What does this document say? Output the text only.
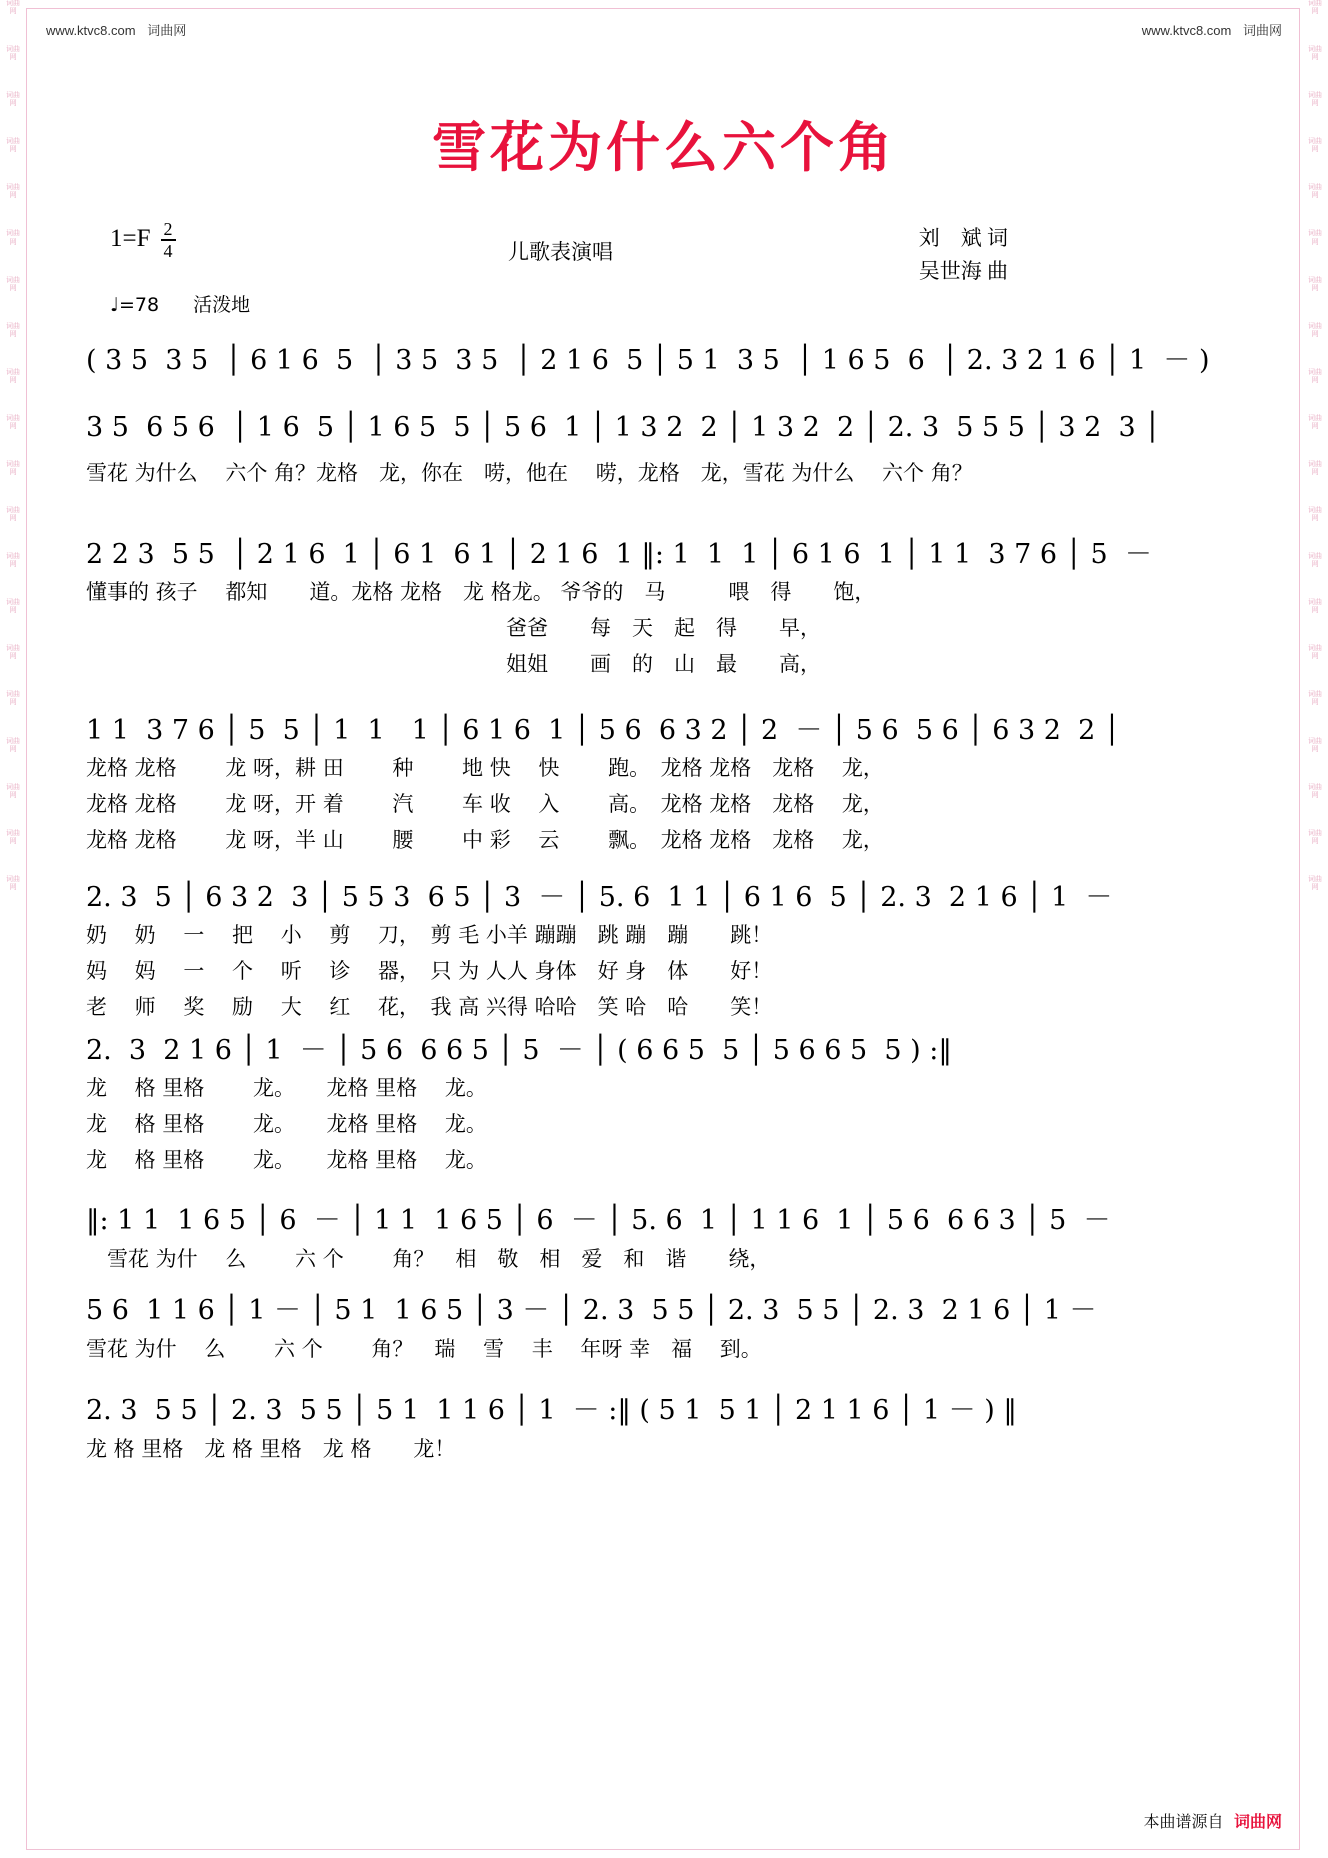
词曲
网
词曲
网
词曲
网
词曲
网
词曲
网
词曲
网
词曲
网
词曲
网
词曲
网
词曲
网
词曲
网
词曲
网
词曲
网
词曲
网
词曲
网
词曲
网
词曲
网
词曲
网
词曲
网
词曲
网
词曲
网
词曲
网
词曲
网
词曲
网
词曲
网
词曲
网
词曲
网
词曲
网
词曲
网
词曲
网
词曲
网
词曲
网
词曲
网
词曲
网
词曲
网
词曲
网
词曲
网
词曲
网
词曲
网
词曲
网
www.ktvc8.com 词曲网	www.ktvc8.com 词曲网
雪花为什么六个角
$1=F \frac{2}{4}$	儿歌表演唱
刘　斌 词
吴世海 曲
♩=78 活泼地
( 3 5  3 5  │ 6 1 6  5  │ 3 5  3 5  │ 2 1 6  5 │ 5 1  3 5  │ 1 6 5  6  │ 2. 3 2 1 6 │ 1  － )
3 5  6 5 6  │ 1 6  5 │ 1 6 5  5 │ 5 6  1 │ 1 3 2  2 │ 1 3 2  2 │ 2. 3  5 5 5 │ 3 2  3 │
雪花 为什么　 六个 角？龙格　龙，你在　唠，他在　 唠，龙格　龙，雪花 为什么　 六个 角？
2 2 3  5 5  │ 2 1 6  1 │ 6 1  6 1 │ 2 1 6  1 ‖: 1  1  1 │ 6 1 6  1 │ 1 1  3 7 6 │ 5  －
懂事的 孩子　 都知　　道。龙格 龙格　龙 格龙。 爷爷的　马　　　喂　得　　饱，
　　　　　　　　　　　　　　　　　　　　爸爸　　每　天　起　得　　早，
　　　　　　　　　　　　　　　　　　　　姐姐　　画　的　山　最　　高，
1 1  3 7 6 │ 5  5 │ 1  1　1 │ 6 1 6  1 │ 5 6  6 3 2 │ 2  － │ 5 6  5 6 │ 6 3 2  2 │
龙格 龙格　　 龙 呀，耕 田　　 种　　 地 快　 快　　 跑。　龙格 龙格　龙格　 龙，
龙格 龙格　　 龙 呀，开 着　　 汽　　 车 收　 入　　 高。　龙格 龙格　龙格　 龙，
龙格 龙格　　 龙 呀，半 山　　 腰　　 中 彩　 云　　 飘。　龙格 龙格　龙格　 龙，
2. 3  5 │ 6 3 2  3 │ 5 5 3  6 5 │ 3  － │ 5. 6  1 1 │ 6 1 6  5 │ 2. 3  2 1 6 │ 1  －
奶　 奶　 一　 把　 小　 剪　 刀，　剪 毛 小羊 蹦蹦　跳 蹦　蹦　　跳！
妈　 妈　 一　 个　 听　 诊　 器，　只 为 人人 身体　好 身　体　　好！
老　 师　 奖　 励　 大　 红　 花，　我 高 兴得 哈哈　笑 哈　哈　　笑！
2.  3  2 1 6 │ 1  － │ 5 6  6 6 5 │ 5  － │ ( 6 6 5  5 │ 5 6 6 5  5 ) :‖
龙　 格 里格　　 龙。　　龙格 里格　 龙。
龙　 格 里格　　 龙。　　龙格 里格　 龙。
龙　 格 里格　　 龙。　　龙格 里格　 龙。
‖: 1 1  1 6 5 │ 6  － │ 1 1  1 6 5 │ 6  － │ 5. 6  1 │ 1 1 6  1 │ 5 6  6 6 3 │ 5  －
　雪花 为什　 么　　 六 个　　 角？　相　敬　相　爱　和　谐　　绕，
5 6  1 1 6 │ 1 － │ 5 1  1 6 5 │ 3 － │ 2. 3  5 5 │ 2. 3  5 5 │ 2. 3  2 1 6 │ 1 －
雪花 为什　 么　　 六 个　　 角？　瑞　 雪　 丰　 年呀 幸　福　 到。
2. 3  5 5 │ 2. 3  5 5 │ 5 1  1 1 6 │ 1  － :‖ ( 5 1  5 1 │ 2 1 1 6 │ 1 － ) ‖
龙 格 里格　龙 格 里格　龙 格　　龙！
本曲谱源自 词曲网
